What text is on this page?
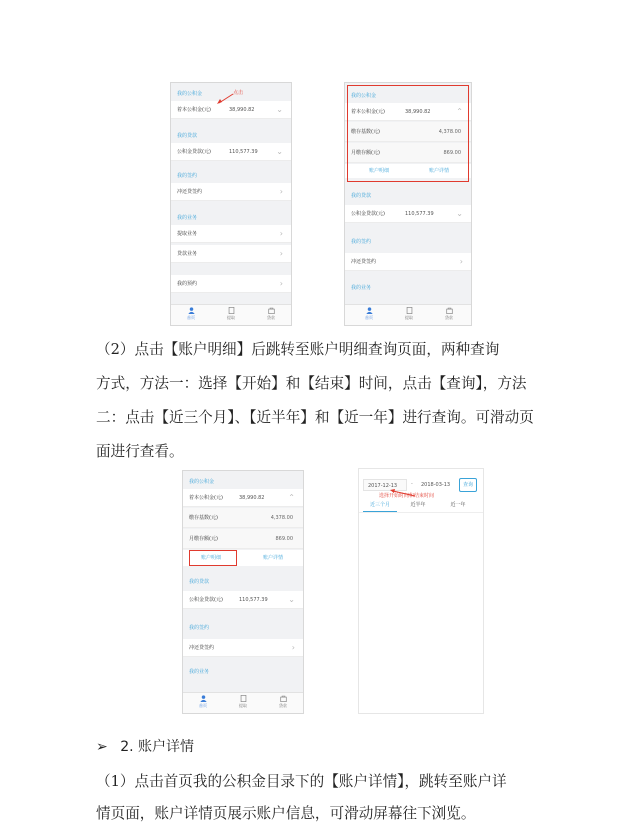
我的公积金
着本公积金(元)	38,990.82	⌄
点击
我的贷款
公积金贷款(元)	110,577.39 ⌄
我的签约
冲还贷签约	›
我的业务
提取业务	›
贷款业务	›
我的预约	›
首页	提取	贷款
我的公积金
着本公积金(元)	38,990.82	⌃
缴存基数(元)	4,378.00
月缴存额(元)	869.00
账户明细	账户详情
我的贷款
公积金贷款(元)	110,577.39	⌄
我的签约
冲还贷签约	›
我的业务
首页	提取	贷款
（2）点击【账户明细】后跳转至账户明细查询页面，两种查询
方式，方法一：选择【开始】和【结束】时间，点击【查询】，方法
二：点击【近三个月】、【近半年】和【近一年】进行查询。可滑动页
面进行查看。
我的公积金
着本公积金(元)	38,990.82	⌃
缴存基数(元)	4,378.00
月缴存额(元)	869.00
账户明细	账户详情
我的贷款
公积金贷款(元)	110,577.39	⌄
我的签约
冲还贷签约	›
我的业务
首页	提取	贷款
2017-12-13	-	2018-03-13	查询
选择开始时间和结束时间
近三个月	近半年	近一年
➢ 2. 账户详情
（1）点击首页我的公积金目录下的【账户详情】，跳转至账户详
情页面，账户详情页展示账户信息，可滑动屏幕往下浏览。
